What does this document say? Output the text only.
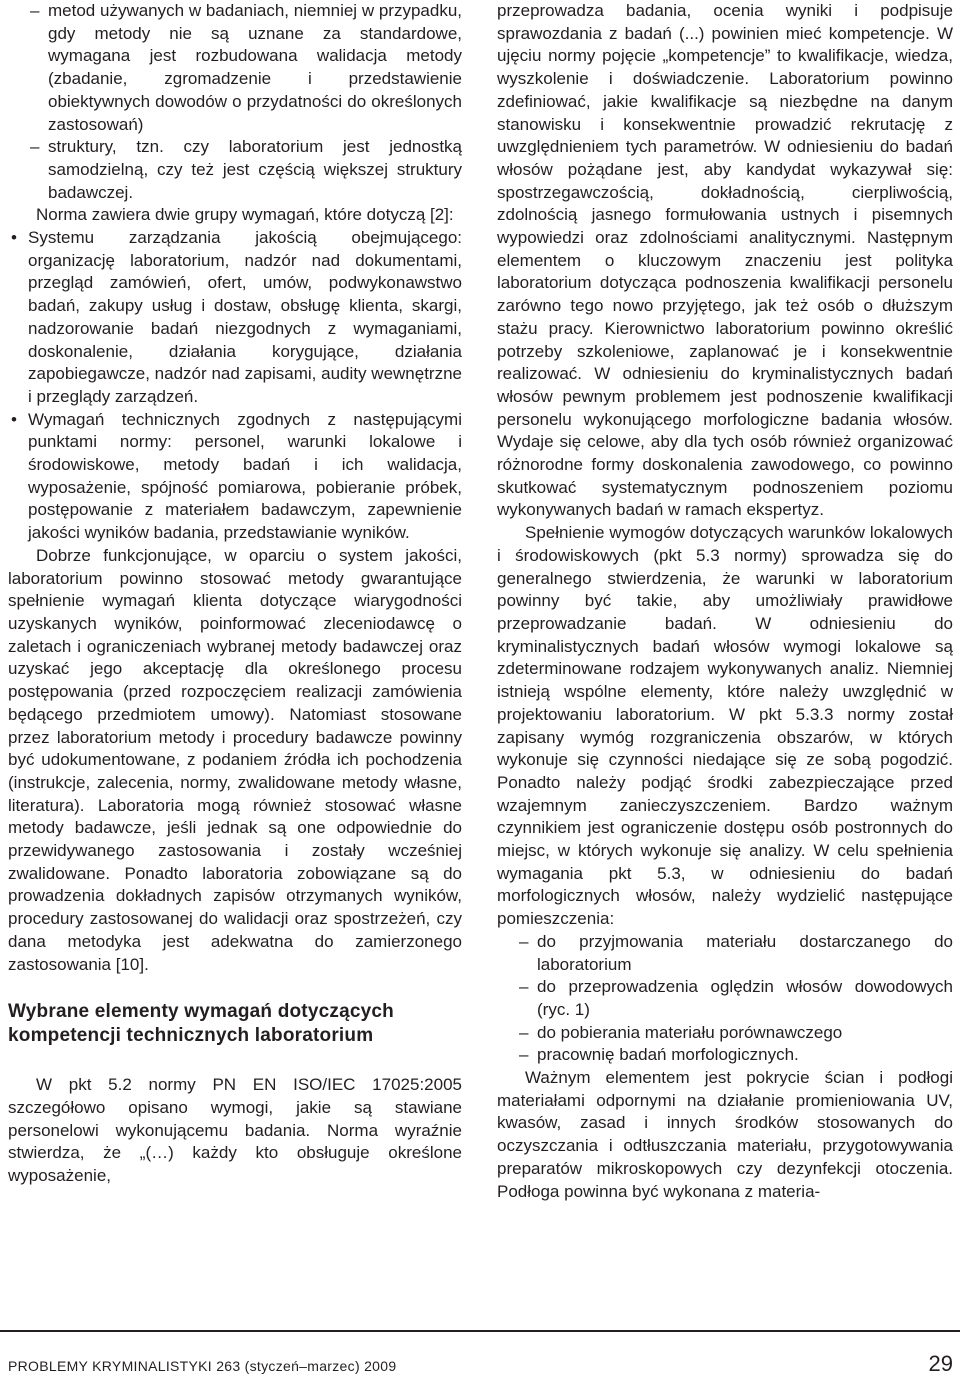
– metod używanych w badaniach, niemniej w przypadku, gdy metody nie są uznane za standardowe, wymagana jest rozbudowana walidacja metody (zbadanie, zgromadzenie i przedstawienie obiektywnych dowodów o przydatności do określonych zastosowań)

– struktury, tzn. czy laboratorium jest jednostką samodzielną, czy też jest częścią większej struktury badawczej.

Norma zawiera dwie grupy wymagań, które dotyczą [2]:

• Systemu zarządzania jakością obejmującego: organizację laboratorium, nadzór nad dokumentami, przegląd zamówień, ofert, umów, podwykonawstwo badań, zakupy usług i dostaw, obsługę klienta, skargi, nadzorowanie badań niezgodnych z wymaganiami, doskonalenie, działania korygujące, działania zapobiegawcze, nadzór nad zapisami, audity wewnętrzne i przeglądy zarządzeń.

• Wymagań technicznych zgodnych z następującymi punktami normy: personel, warunki lokalowe i środowiskowe, metody badań i ich walidacja, wyposażenie, spójność pomiarowa, pobieranie próbek, postępowanie z materiałem badawczym, zapewnienie jakości wyników badania, przedstawianie wyników.

Dobrze funkcjonujące, w oparciu o system jakości, laboratorium powinno stosować metody gwarantujące spełnienie wymagań klienta dotyczące wiarygodności uzyskanych wyników, poinformować zleceniodawcę o zaletach i ograniczeniach wybranej metody badawczej oraz uzyskać jego akceptację dla określonego procesu postępowania (przed rozpoczęciem realizacji zamówienia będącego przedmiotem umowy). Natomiast stosowane przez laboratorium metody i procedury badawcze powinny być udokumentowane, z podaniem źródła ich pochodzenia (instrukcje, zalecenia, normy, zwalidowane metody własne, literatura). Laboratoria mogą również stosować własne metody badawcze, jeśli jednak są one odpowiednie do przewidywanego zastosowania i zostały wcześniej zwalidowane. Ponadto laboratoria zobowiązane są do prowadzenia dokładnych zapisów otrzymanych wyników, procedury zastosowanej do walidacji oraz spostrzeżeń, czy dana metodyka jest adekwatna do zamierzonego zastosowania [10].

Wybrane elementy wymagań dotyczących kompetencji technicznych laboratorium

W pkt 5.2 normy PN EN ISO/IEC 17025:2005 szczegółowo opisano wymogi, jakie są stawiane personelowi wykonującemu badania. Norma wyraźnie stwierdza, że „(…) każdy kto obsługuje określone wyposażenie,

przeprowadza badania, ocenia wyniki i podpisuje sprawozdania z badań (...) powinien mieć kompetencje. W ujęciu normy pojęcie „kompetencje” to kwalifikacje, wiedza, wyszkolenie i doświadczenie. Laboratorium powinno zdefiniować, jakie kwalifikacje są niezbędne na danym stanowisku i konsekwentnie prowadzić rekrutację z uwzględnieniem tych parametrów. W odniesieniu do badań włosów pożądane jest, aby kandydat wykazywał się: spostrzegawczością, dokładnością, cierpliwością, zdolnością jasnego formułowania ustnych i pisemnych wypowiedzi oraz zdolnościami analitycznymi. Następnym elementem o kluczowym znaczeniu jest polityka laboratorium dotycząca podnoszenia kwalifikacji personelu zarówno tego nowo przyjętego, jak też osób o dłuższym stażu pracy. Kierownictwo laboratorium powinno określić potrzeby szkoleniowe, zaplanować je i konsekwentnie realizować. W odniesieniu do kryminalistycznych badań włosów pewnym problemem jest podnoszenie kwalifikacji personelu wykonującego morfologiczne badania włosów. Wydaje się celowe, aby dla tych osób również organizować różnorodne formy doskonalenia zawodowego, co powinno skutkować systematycznym podnoszeniem poziomu wykonywanych badań w ramach ekspertyz.

Spełnienie wymogów dotyczących warunków lokalowych i środowiskowych (pkt 5.3 normy) sprowadza się do generalnego stwierdzenia, że warunki w laboratorium powinny być takie, aby umożliwiały prawidłowe przeprowadzanie badań. W odniesieniu do kryminalistycznych badań włosów wymogi lokalowe są zdeterminowane rodzajem wykonywanych analiz. Niemniej istnieją wspólne elementy, które należy uwzględnić w projektowaniu laboratorium. W pkt 5.3.3 normy został zapisany wymóg rozgraniczenia obszarów, w których wykonuje się czynności niedające się ze sobą pogodzić. Ponadto należy podjąć środki zabezpieczające przed wzajemnym zanieczyszczeniem. Bardzo ważnym czynnikiem jest ograniczenie dostępu osób postronnych do miejsc, w których wykonuje się analizy. W celu spełnienia wymagania pkt 5.3, w odniesieniu do badań morfologicznych włosów, należy wydzielić następujące pomieszczenia:

– do przyjmowania materiału dostarczanego do laboratorium

– do przeprowadzenia oględzin włosów dowodowych (ryc. 1)

– do pobierania materiału porównawczego

– pracownię badań morfologicznych.

Ważnym elementem jest pokrycie ścian i podłogi materiałami odpornymi na działanie promieniowania UV, kwasów, zasad i innych środków stosowanych do oczyszczania i odtłuszczania materiału, przygotowywania preparatów mikroskopowych czy dezynfekcji otoczenia. Podłoga powinna być wykonana z materia-

PROBLEMY KRYMINALISTYKI 263 (styczeń–marzec) 2009	29
